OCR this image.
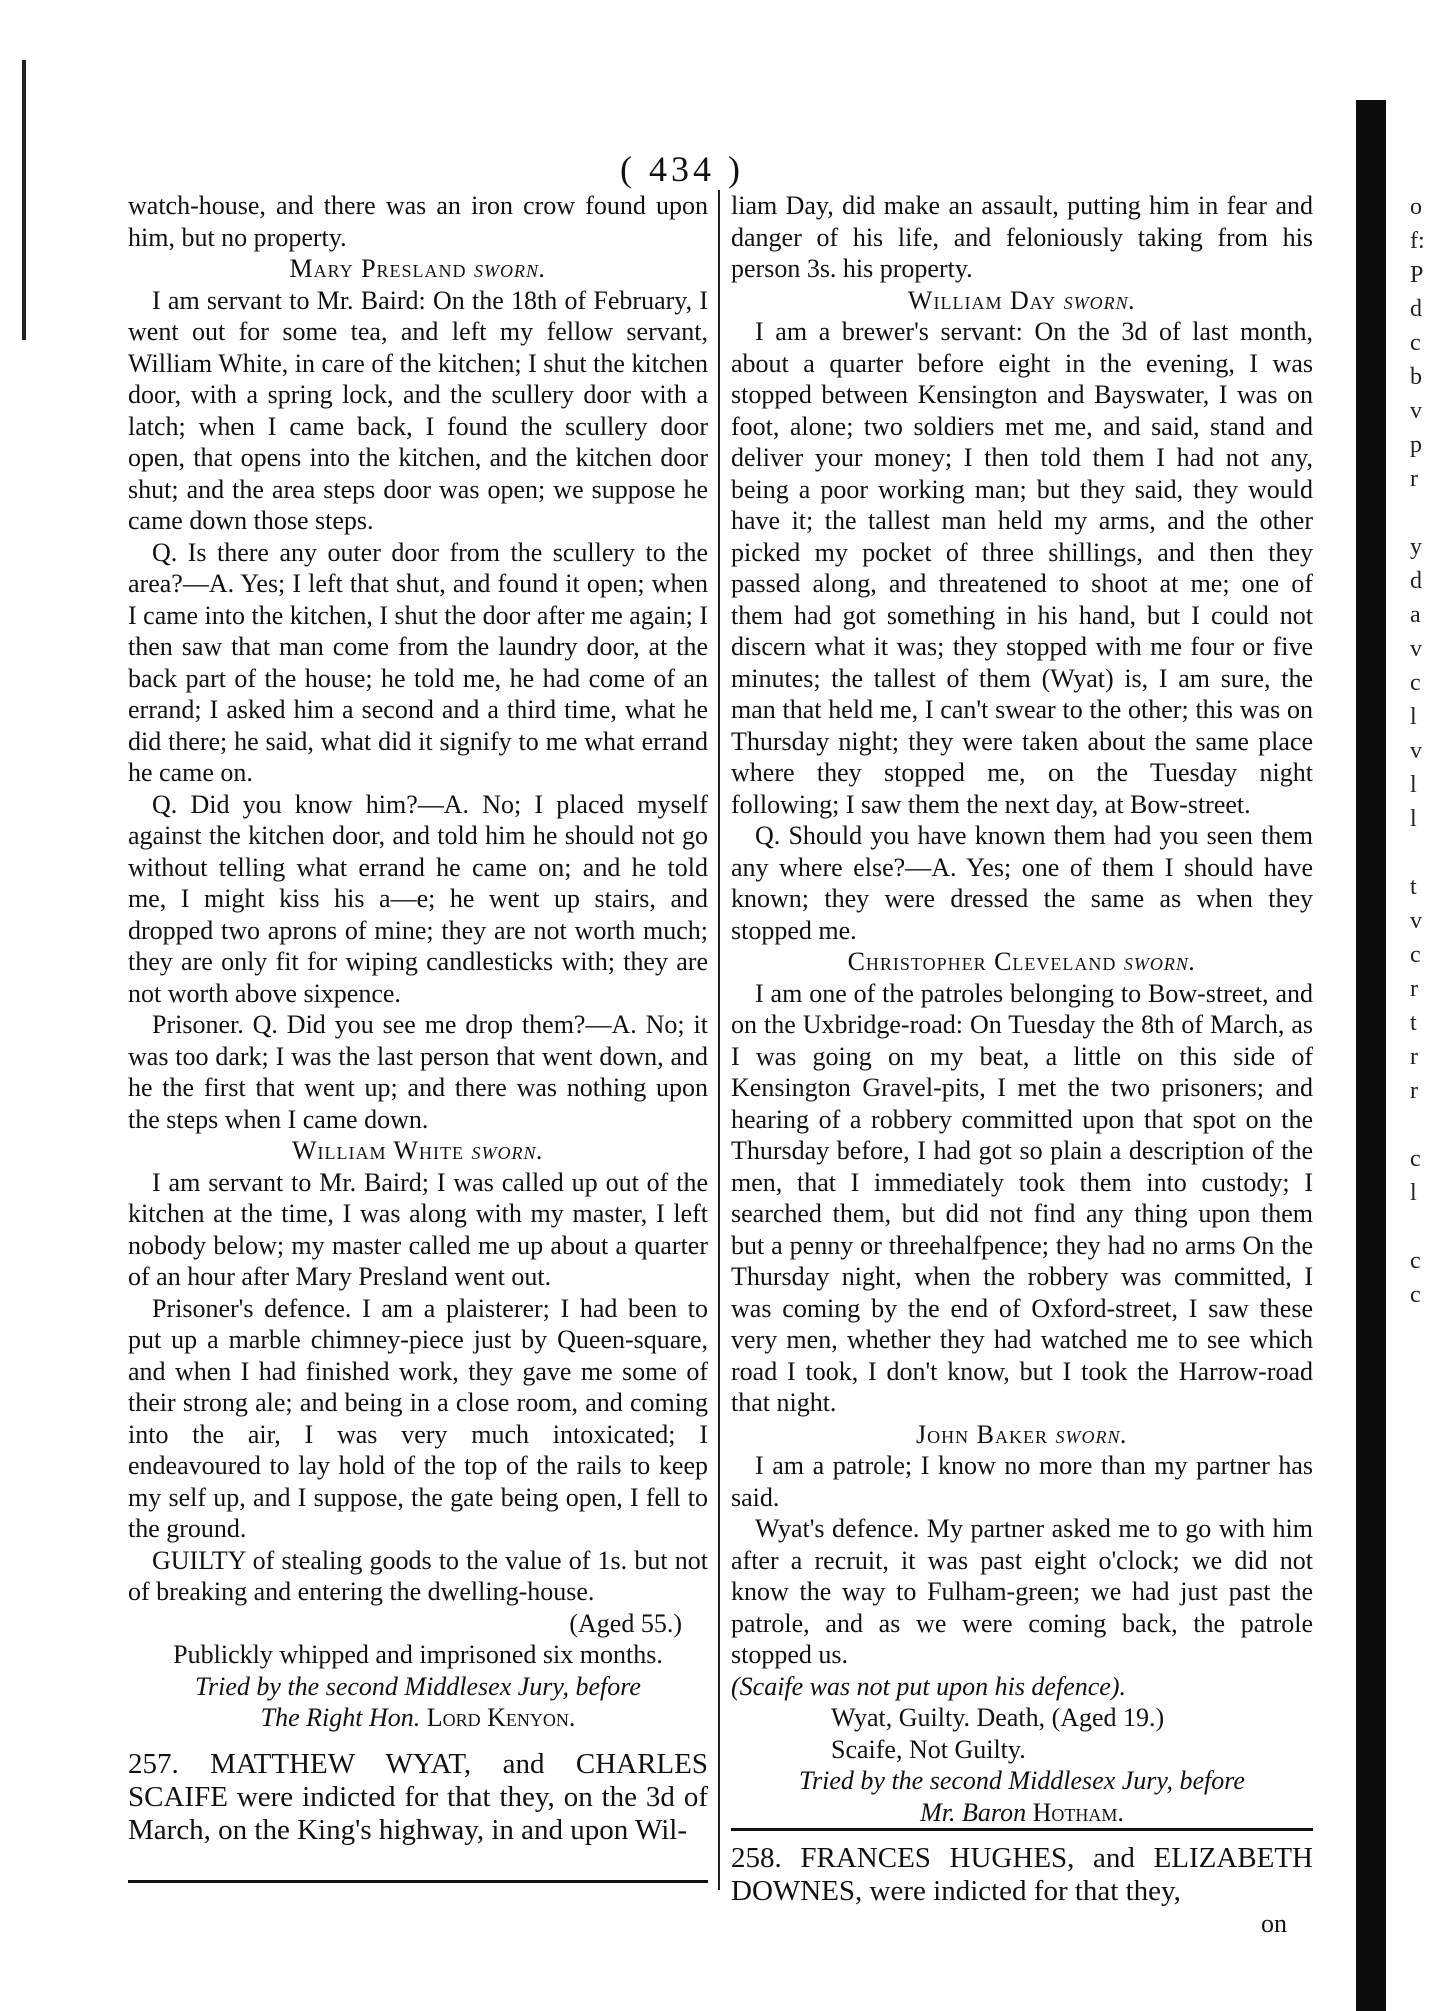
( 434 )

watch-house, and there was an iron crow found upon him, but no property.

Mary Presland sworn.

I am servant to Mr. Baird: On the 18th of February, I went out for some tea, and left my fellow servant, William White, in care of the kitchen; I shut the kitchen door, with a spring lock, and the scullery door with a latch; when I came back, I found the scullery door open, that opens into the kitchen, and the kitchen door shut; and the area steps door was open; we suppose he came down those steps.

Q. Is there any outer door from the scullery to the area?—A. Yes; I left that shut, and found it open; when I came into the kitchen, I shut the door after me again; I then saw that man come from the laundry door, at the back part of the house; he told me, he had come of an errand; I asked him a second and a third time, what he did there; he said, what did it signify to me what errand he came on.

Q. Did you know him?—A. No; I placed myself against the kitchen door, and told him he should not go without telling what errand he came on; and he told me, I might kiss his a—e; he went up stairs, and dropped two aprons of mine; they are not worth much; they are only fit for wiping candlesticks with; they are not worth above sixpence.

Prisoner. Q. Did you see me drop them?—A. No; it was too dark; I was the last person that went down, and he the first that went up; and there was nothing upon the steps when I came down.

William White sworn.

I am servant to Mr. Baird; I was called up out of the kitchen at the time, I was along with my master, I left nobody below; my master called me up about a quarter of an hour after Mary Presland went out.

Prisoner's defence. I am a plaisterer; I had been to put up a marble chimney-piece just by Queen-square, and when I had finished work, they gave me some of their strong ale; and being in a close room, and coming into the air, I was very much intoxicated; I endeavoured to lay hold of the top of the rails to keep my self up, and I suppose, the gate being open, I fell to the ground.

GUILTY of stealing goods to the value of 1s. but not of breaking and entering the dwelling-house.

(Aged 55.)

Publickly whipped and imprisoned six months.

Tried by the second Middlesex Jury, before

The Right Hon. Lord Kenyon.

257. MATTHEW WYAT, and CHARLES SCAIFE were indicted for that they, on the 3d of March, on the King's highway, in and upon Wil-

liam Day, did make an assault, putting him in fear and danger of his life, and feloniously taking from his person 3s. his property.

William Day sworn.

I am a brewer's servant: On the 3d of last month, about a quarter before eight in the evening, I was stopped between Kensington and Bayswater, I was on foot, alone; two soldiers met me, and said, stand and deliver your money; I then told them I had not any, being a poor working man; but they said, they would have it; the tallest man held my arms, and the other picked my pocket of three shillings, and then they passed along, and threatened to shoot at me; one of them had got something in his hand, but I could not discern what it was; they stopped with me four or five minutes; the tallest of them (Wyat) is, I am sure, the man that held me, I can't swear to the other; this was on Thursday night; they were taken about the same place where they stopped me, on the Tuesday night following; I saw them the next day, at Bow-street.

Q. Should you have known them had you seen them any where else?—A. Yes; one of them I should have known; they were dressed the same as when they stopped me.

Christopher Cleveland sworn.

I am one of the patroles belonging to Bow-street, and on the Uxbridge-road: On Tuesday the 8th of March, as I was going on my beat, a little on this side of Kensington Gravel-pits, I met the two prisoners; and hearing of a robbery committed upon that spot on the Thursday before, I had got so plain a description of the men, that I immediately took them into custody; I searched them, but did not find any thing upon them but a penny or threehalfpence; they had no arms On the Thursday night, when the robbery was committed, I was coming by the end of Oxford-street, I saw these very men, whether they had watched me to see which road I took, I don't know, but I took the Harrow-road that night.

John Baker sworn.

I am a patrole; I know no more than my partner has said.

Wyat's defence. My partner asked me to go with him after a recruit, it was past eight o'clock; we did not know the way to Fulham-green; we had just past the patrole, and as we were coming back, the patrole stopped us.

(Scaife was not put upon his defence).

Wyat, Guilty. Death, (Aged 19.)

Scaife, Not Guilty.

Tried by the second Middlesex Jury, before

Mr. Baron Hotham.

258. FRANCES HUGHES, and ELIZABETH DOWNES, were indicted for that they,

on

o
f:
P
d
c
b
v
p
r
y
d
a
v
c
l
v
l
l
t
v
c
r
t
r
r
c
l
c
c
